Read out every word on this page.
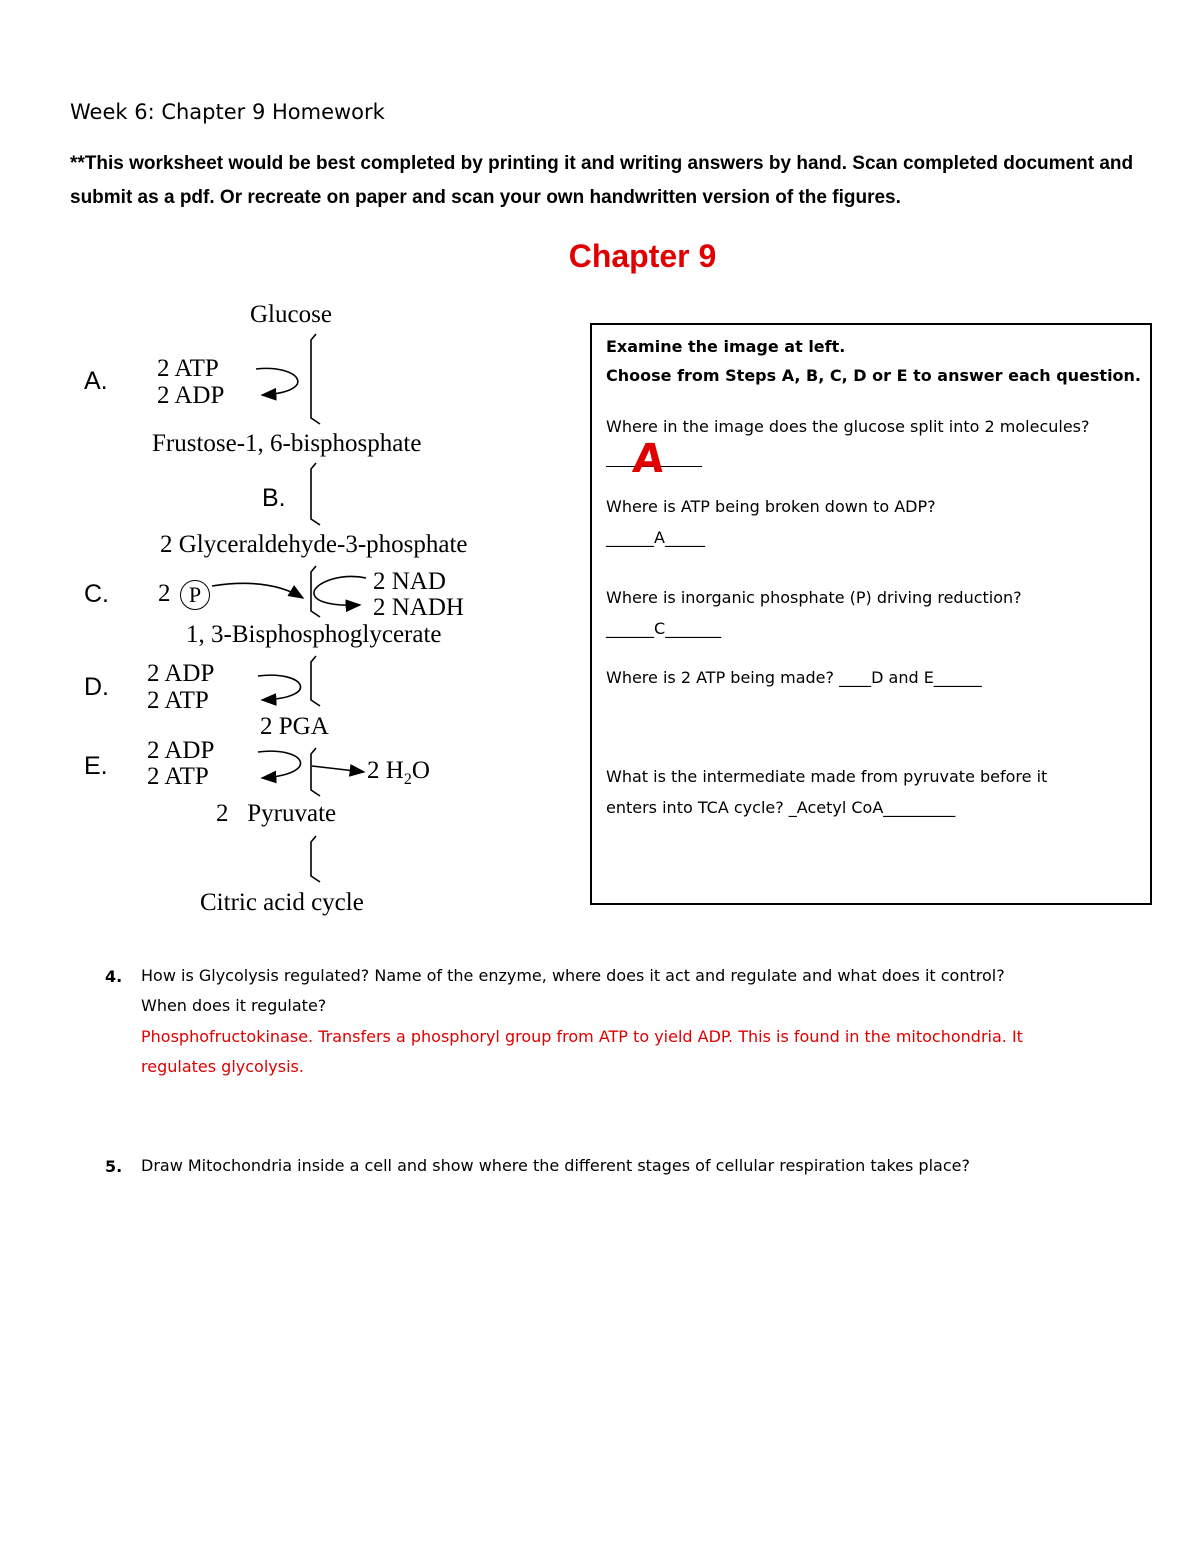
Week 6: Chapter 9 Homework
**This worksheet would be best completed by printing it and writing answers by hand. Scan completed document and submit as a pdf. Or recreate on paper and scan your own handwritten version of the figures.
Chapter 9
Glucose
A. 2 ATP
2 ADP
Frustose-1, 6-bisphosphate
B.
2 Glyceraldehyde-3-phosphate
C. 2 P	2 NAD
2 NADH
1, 3-Bisphosphoglycerate
D. 2 ADP
2 ATP
2 PGA
E.
2 ADP
2 ATP	2 $H_2O$
2   Pyruvate
Citric acid cycle
Examine the image at left.
Choose from Steps A, B, C, D or E to answer each question.
Where in the image does the glucose split into 2 molecules?
A
Where is ATP being broken down to ADP?
______A_____
Where is inorganic phosphate (P) driving reduction?
______C_______
Where is 2 ATP being made? ____D and E______
What is the intermediate made from pyruvate before it
enters into TCA cycle? _Acetyl CoA_________
4. How is Glycolysis regulated? Name of the enzyme, where does it act and regulate and what does it control?
When does it regulate?
Phosphofructokinase. Transfers a phosphoryl group from ATP to yield ADP. This is found in the mitochondria. It
regulates glycolysis.
5. Draw Mitochondria inside a cell and show where the different stages of cellular respiration takes place?
